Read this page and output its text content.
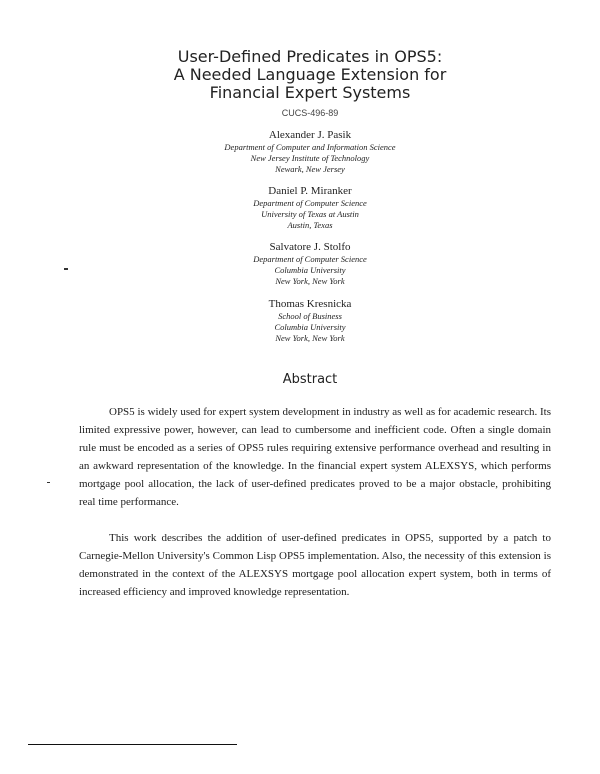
User-Defined Predicates in OPS5:
A Needed Language Extension for
Financial Expert Systems
CUCS-496-89
Alexander J. Pasik
Department of Computer and Information Science
New Jersey Institute of Technology
Newark, New Jersey
Daniel P. Miranker
Department of Computer Science
University of Texas at Austin
Austin, Texas
Salvatore J. Stolfo
Department of Computer Science
Columbia University
New York, New York
Thomas Kresnicka
School of Business
Columbia University
New York, New York
Abstract

OPS5 is widely used for expert system development in industry as well as for academic research. Its limited expressive power, however, can lead to cumbersome and inefficient code. Often a single domain rule must be encoded as a series of OPS5 rules requiring extensive performance overhead and resulting in an awkward representation of the knowledge. In the financial expert system ALEXSYS, which performs mortgage pool allocation, the lack of user-defined predicates proved to be a major obstacle, prohibiting real time performance.

This work describes the addition of user-defined predicates in OPS5, supported by a patch to Carnegie-Mellon University's Common Lisp OPS5 implementation. Also, the necessity of this extension is demonstrated in the context of the ALEXSYS mortgage pool allocation expert system, both in terms of increased efficiency and improved knowledge representation.
